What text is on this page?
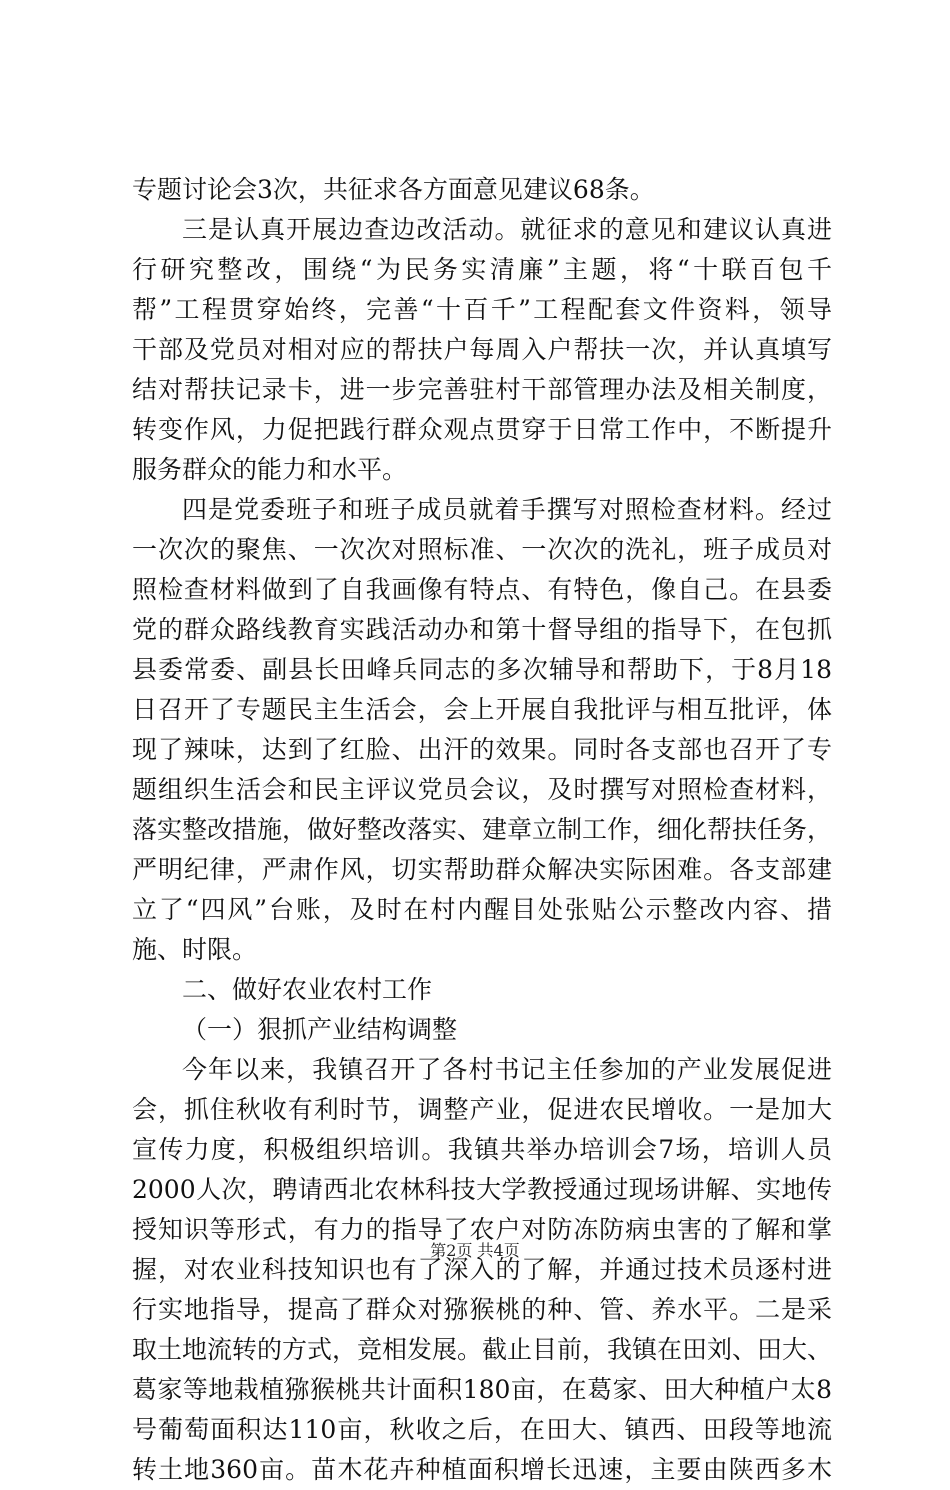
专题讨论会3次，共征求各方面意见建议68条。
三是认真开展边查边改活动。就征求的意见和建议认真进
行研究整改，围绕“为民务实清廉”主题，将“十联百包千
帮”工程贯穿始终，完善“十百千”工程配套文件资料，领导
干部及党员对相对应的帮扶户每周入户帮扶一次，并认真填写
结对帮扶记录卡，进一步完善驻村干部管理办法及相关制度，
转变作风，力促把践行群众观点贯穿于日常工作中，不断提升
服务群众的能力和水平。
四是党委班子和班子成员就着手撰写对照检查材料。经过
一次次的聚焦、一次次对照标准、一次次的洗礼，班子成员对
照检查材料做到了自我画像有特点、有特色，像自己。在县委
党的群众路线教育实践活动办和第十督导组的指导下，在包抓
县委常委、副县长田峰兵同志的多次辅导和帮助下，于8月18
日召开了专题民主生活会，会上开展自我批评与相互批评，体
现了辣味，达到了红脸、出汗的效果。同时各支部也召开了专
题组织生活会和民主评议党员会议，及时撰写对照检查材料，
落实整改措施，做好整改落实、建章立制工作，细化帮扶任务，
严明纪律，严肃作风，切实帮助群众解决实际困难。各支部建
立了“四风”台账，及时在村内醒目处张贴公示整改内容、措
施、时限。
二、做好农业农村工作
（一）狠抓产业结构调整
今年以来，我镇召开了各村书记主任参加的产业发展促进
会，抓住秋收有利时节，调整产业，促进农民增收。一是加大
宣传力度，积极组织培训。我镇共举办培训会7场，培训人员
2000人次，聘请西北农林科技大学教授通过现场讲解、实地传
授知识等形式，有力的指导了农户对防冻防病虫害的了解和掌
握，对农业科技知识也有了深入的了解，并通过技术员逐村进
行实地指导，提高了群众对猕猴桃的种、管、养水平。二是采
取土地流转的方式，竞相发展。截止目前，我镇在田刘、田大、
葛家等地栽植猕猴桃共计面积180亩，在葛家、田大种植户太8
号葡萄面积达110亩，秋收之后，在田大、镇西、田段等地流
转土地360亩。苗木花卉种植面积增长迅速，主要由陕西多木
第2页 共4页
